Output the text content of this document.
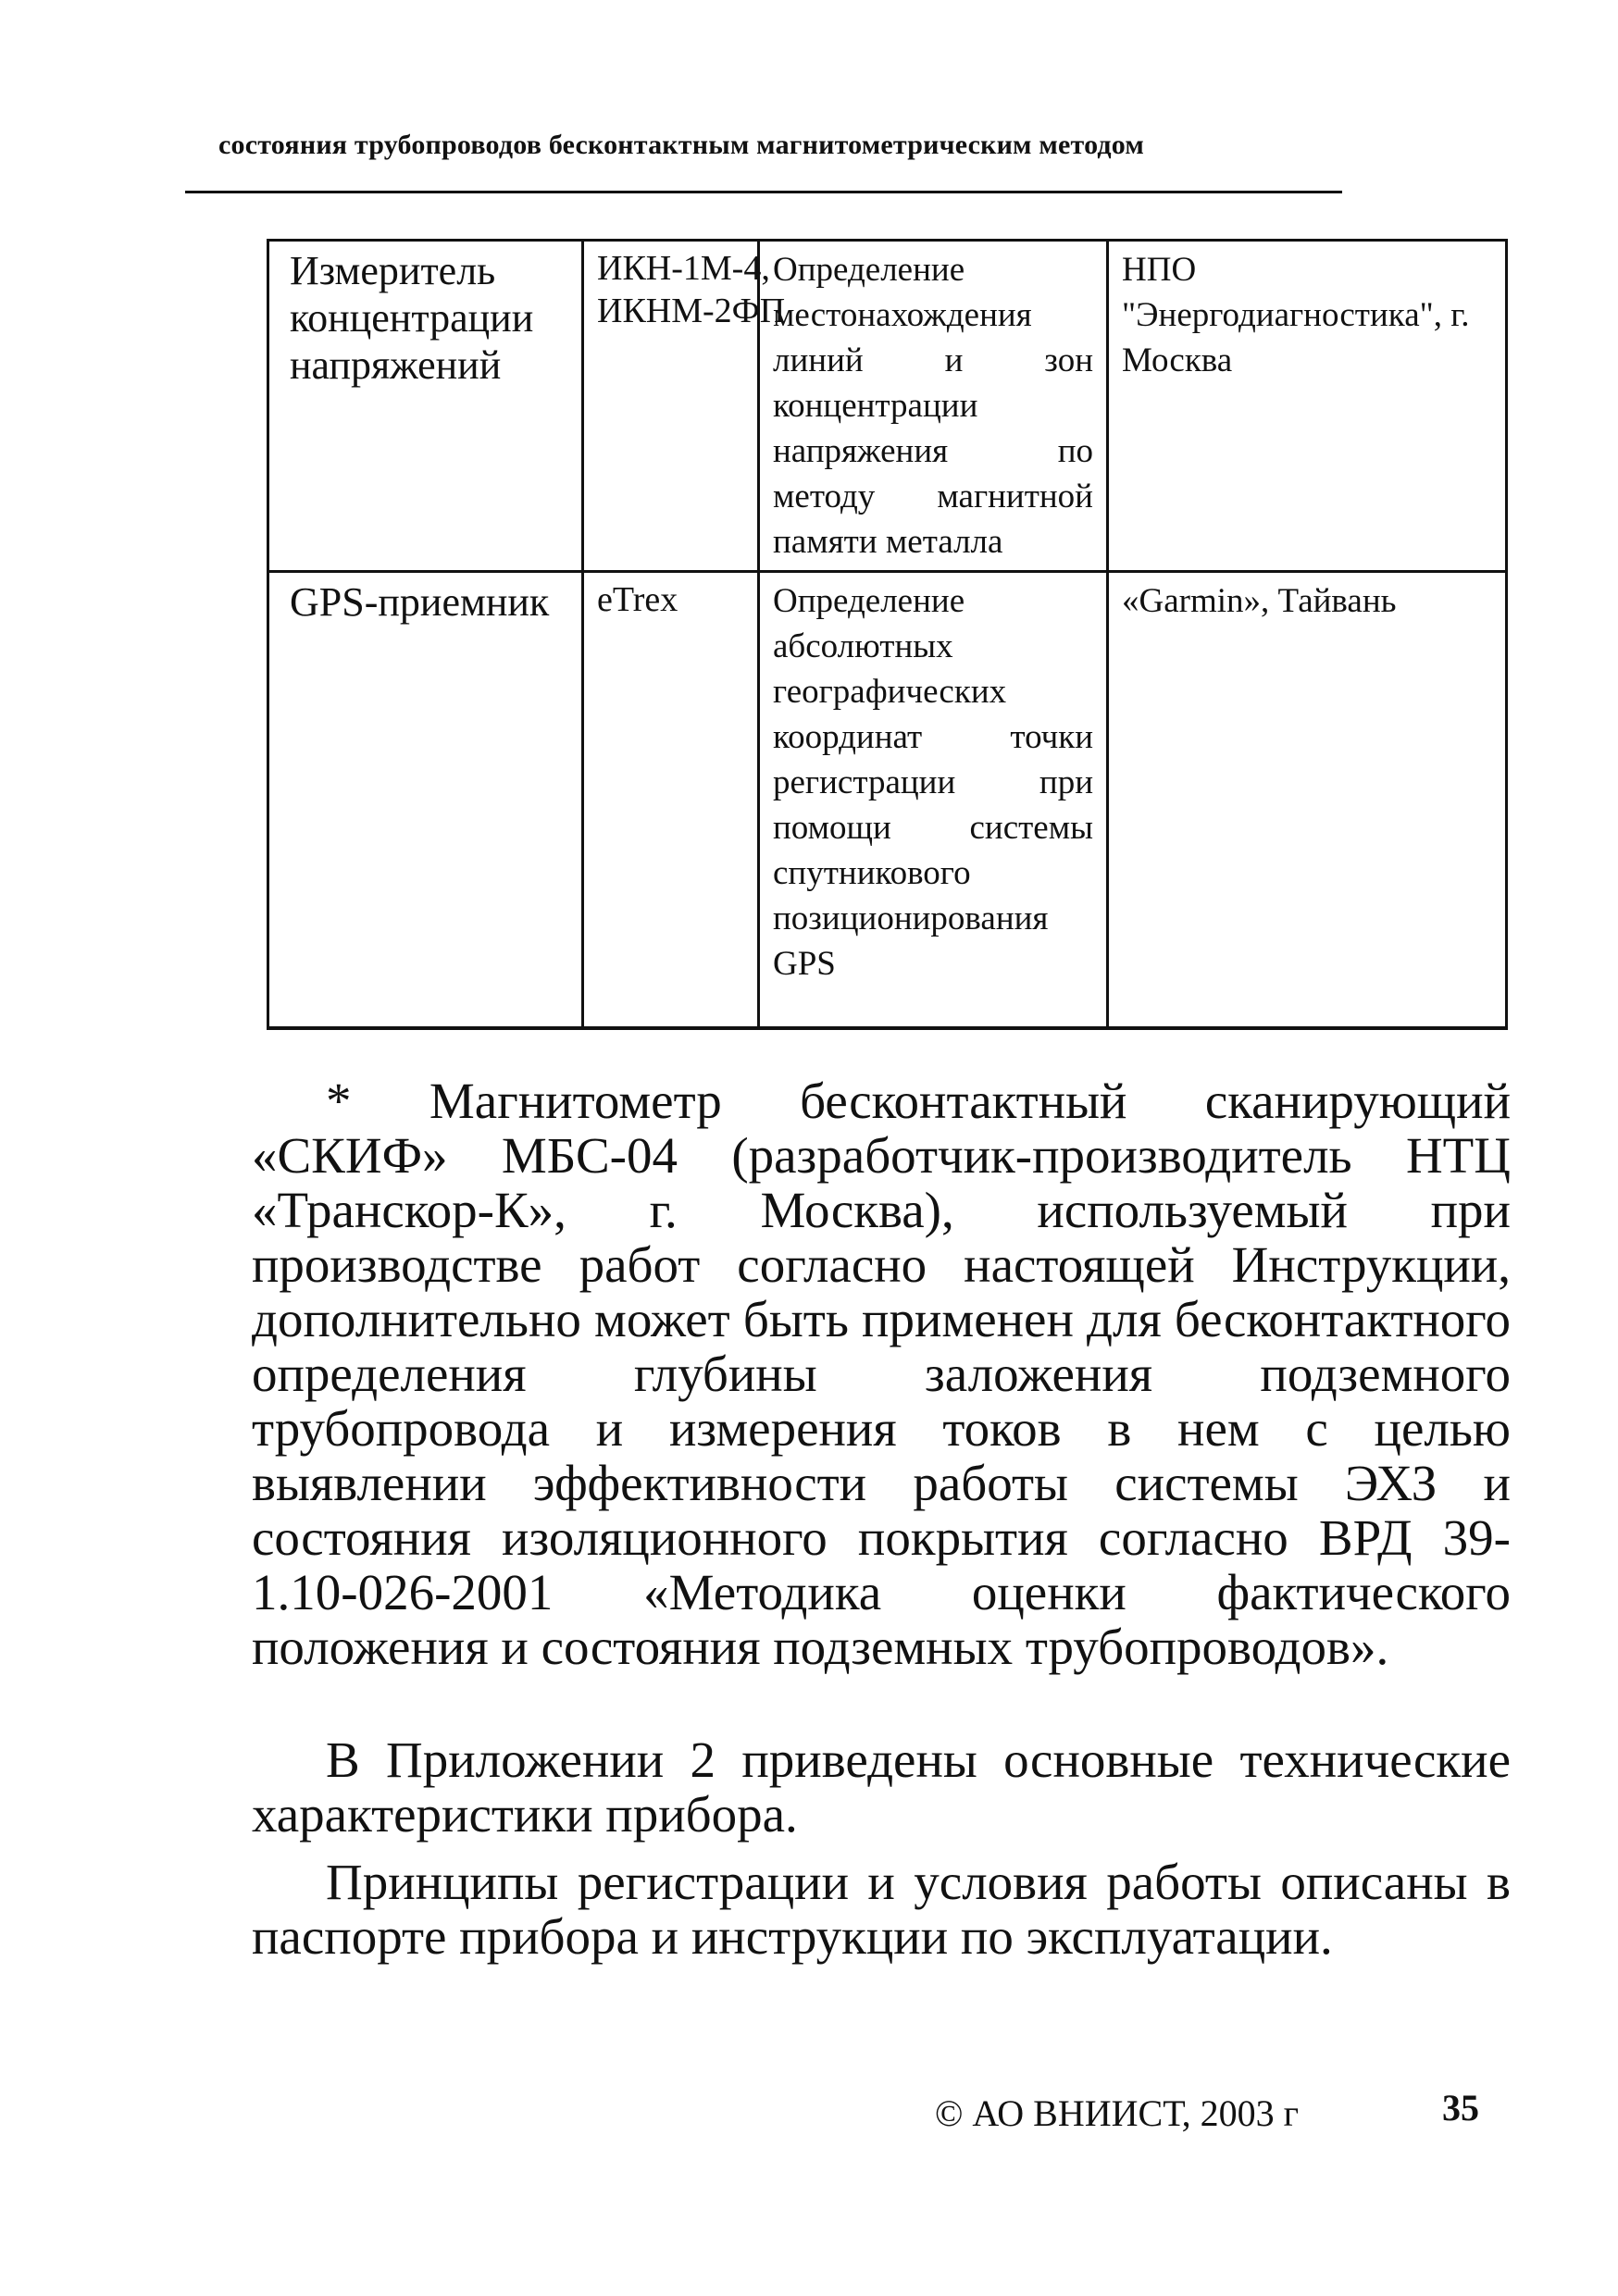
состояния трубопроводов бесконтактным магнитометрическим методом
Измеритель концентрации напряжений	ИКН-1М-4, ИКНМ-2ФП	Определение местонахождения линий и зон концентрации напряжения по методу магнитной памяти металла	НПО "Энергодиагностика", г. Москва
GPS-приемник	eTrex	Определение абсолютных географических координат точки регистрации при помощи системы спутникового позиционирования GPS	«Garmin», Тайвань

* Магнитометр бесконтактный сканирующий «СКИФ» МБС-04 (разработчик-производитель НТЦ «Транскор-К», г. Москва), используемый при производстве работ согласно настоящей Инструкции, дополнительно может быть применен для бесконтактного определения глубины заложения подземного трубопровода и измерения токов в нем с целью выявлении эффективности работы системы ЭХЗ и состояния изоляционного покрытия согласно ВРД 39-1.10-026-2001 «Методика оценки фактического положения и состояния подземных трубопроводов».

В Приложении 2 приведены основные технические характеристики прибора.

Принципы регистрации и условия работы описаны в паспорте прибора и инструкции по эксплуатации.

© АО ВНИИСТ, 2003 г	35
